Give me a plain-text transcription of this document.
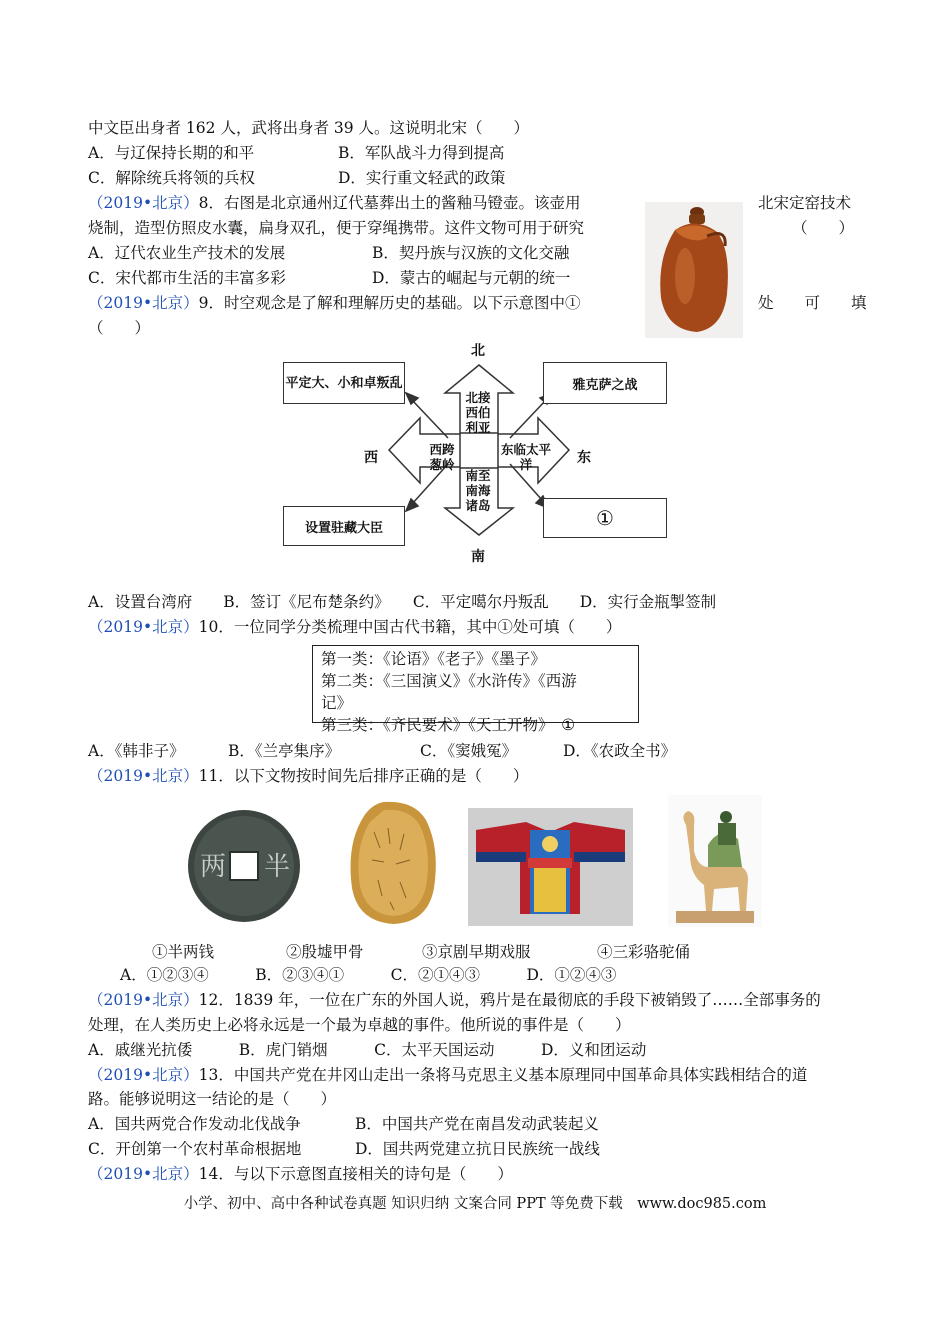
中文臣出身者 162 人，武将出身者 39 人。这说明北宋（　　）
A．与辽保持长期的和平	B．军队战斗力得到提高
C．解除统兵将领的兵权	D．实行重文轻武的政策
（2019•北京）8．右图是北京通州辽代墓葬出土的酱釉马镫壶。该壶用	北宋定窑技术
烧制，造型仿照皮水囊，扁身双孔，便于穿绳携带。这件文物可用于研究	（　　）
A．辽代农业生产技术的发展	B．契丹族与汉族的文化交融
C．宋代都市生活的丰富多彩	D．蒙古的崛起与元朝的统一
（2019•北京）9．时空观念是了解和理解历史的基础。以下示意图中①	处　　可　　填
（　　）
北
南
西	东
北接西伯利亚
西跨葱岭
东临太平洋
南至南海诸岛
平定大、小和卓叛乱	雅克萨之战
设置驻藏大臣	①
A．设置台湾府　　B．签订《尼布楚条约》　　C．平定噶尔丹叛乱　　D．实行金瓶掣签制
（2019•北京）10．一位同学分类梳理中国古代书籍，其中①处可填（　　）
第一类：《论语》《老子》《墨子》
第二类：《三国演义》《水浒传》《西游
记》
第三类：《齐民要术》《天工开物》　①
A．《韩非子》	B．《兰亭集序》	C．《窦娥冤》	D．《农政全书》
（2019•北京）11．以下文物按时间先后排序正确的是（　　）
两 半
①半两钱	②殷墟甲骨	③京剧早期戏服	④三彩骆驼俑
A．①②③④　　　B．②③④①　　　C．②①④③　　　D．①②④③
（2019•北京）12．1839 年，一位在广东的外国人说，鸦片是在最彻底的手段下被销毁了……全部事务的
处理，在人类历史上必将永远是一个最为卓越的事件。他所说的事件是（　　）
A．戚继光抗倭　　　B．虎门销烟　　　C．太平天国运动　　　D．义和团运动
（2019•北京）13．中国共产党在井冈山走出一条将马克思主义基本原理同中国革命具体实践相结合的道
路。能够说明这一结论的是（　　）
A．国共两党合作发动北伐战争	B．中国共产党在南昌发动武装起义
C．开创第一个农村革命根据地	D．国共两党建立抗日民族统一战线
（2019•北京）14．与以下示意图直接相关的诗句是（　　）
小学、初中、高中各种试卷真题 知识归纳 文案合同 PPT 等免费下载　www.doc985.com
